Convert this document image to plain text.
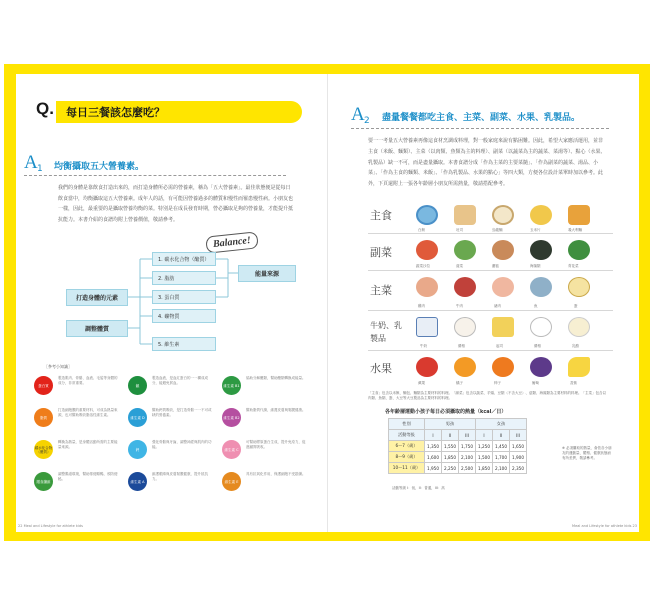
Q.	每日三餐該怎麼吃？
A 1 均衡攝取五大營養素。
我們的身體是靠飲食打造出來的，而打造身體所必需的營養素，稱為「五大營養素」。最佳狀態便是從每日飲食當中，均衡攝取這五大營養素。成年人的話，有可能因營養過多的體質和慢性而罹患慢性病。小朋友也一樣，因此，最重要的是攝取營養均衡的菜。特別是在成長發育時期，營必攝取足夠的營養量，才能提升抵抗能力。本書介紹的食譜均附上營養價值，敬請參考。
Balance!
打造身體的元素
調整體質
能量來源
1. 碳水化合物（醣質）
2. 脂肪
3. 蛋白質
4. 礦物質
5. 維生素
［參考小知識］
蛋白質
製造肌肉、骨骼、血液、毛髮等身體的成分，非常重要。
鐵
製造血液，是血紅蛋白的一一構成成分，能避免貧血。
維生素 B1
協助分解醣類，幫助醣類轉換成能量。
脂質
打造細胞膜的重要材料，可成為熱量來源，也可幫助吸收脂溶性維生素。
維生素 D
幫助鈣質吸收，是打造骨骼一一不可或缺的營養素。
維生素 B2
幫助脂質代謝，維護皮膚與黏膜健康。
碳水化合物（醣質）
轉換為熱量，是身體活動所需的主要能量來源。
鈣
強化骨骼與牙齒，調整神經與肌肉的功能。
維生素 C
可幫助膠原蛋白生成，提升免疫力，促進鐵質吸收。
膳食纖維
調整腸道環境，幫助排便順暢，預防便秘。
維生素 A
維護眼睛與皮膚黏膜健康，提升抵抗力。
維生素 E
具有抗氧化作用，保護細胞不受損傷。
22 Meal and Lifestyle for athlete kids
A 2 盡量餐餐都吃主食、主菜、副菜、水果、乳製品。
要一一考量五大營養素再像這食材烹調成料理，對一般家庭來說有點困難。因此，希望大家應活運用，並非主食（米飯、麵類）、主菜（以肉類、魚類為主的料理）、副菜（以蔬菜為主的蔬菜、菜湯等）、點心（水果、乳製品）缺一不可，而是盡量攝取。本書食譜分成「作為主菜的主要菜隨」、「作為副菜的蔬菜、湯品、小菜」、「作為主食的麵類、米飯」、「作為乳製品、水果的點心」等四大類，方便各位設計菜單時加以參考。此外，下頁還附上一張各年齡層小朋友所需熱量，敬請搭配參考。
主食
白飯	吐司	烏龍麵	玉米片	義大利麵
副菜
蔬菜沙拉	菠菜	蘑菇	海藻類	青花菜
主菜
雞肉	牛肉	豬肉	魚	蛋
牛奶、乳製品
牛奶	優格	起司	優格	乳酪
水果
蘋果	橘子	柿子	葡萄	香蕉
「主食」包含以米飯、麵包、麵類為主要材料的料理。「副菜」包含以蔬菜、芋頭、豆類（不含大豆）、菇類、海藻類為主要材料的料理。「主菜」包含以肉類、魚類、蛋、大豆等大豆製品為主要材料的料理。
各年齡層運動小孩子每日必須攝取的熱量（kcal／日）
性別	男孩			女孩		
活動等級	I	II	III	I	II	III
6～7（歲）	1,350	1,550	1,750	1,250	1,450	1,650
8～9（歲）	1,600	1,850	2,100	1,500	1,700	1,900
10～11（歲）	1,950	2,250	2,500	1,850	2,100	2,350
活動等級 I：低，II：普通，III：高
※ 必須攝取的熱量，會依各小朋友的運動量、體格、健康狀態而有所差異，敬請參考。
Meal and Lifestyle for athlete kids 23
